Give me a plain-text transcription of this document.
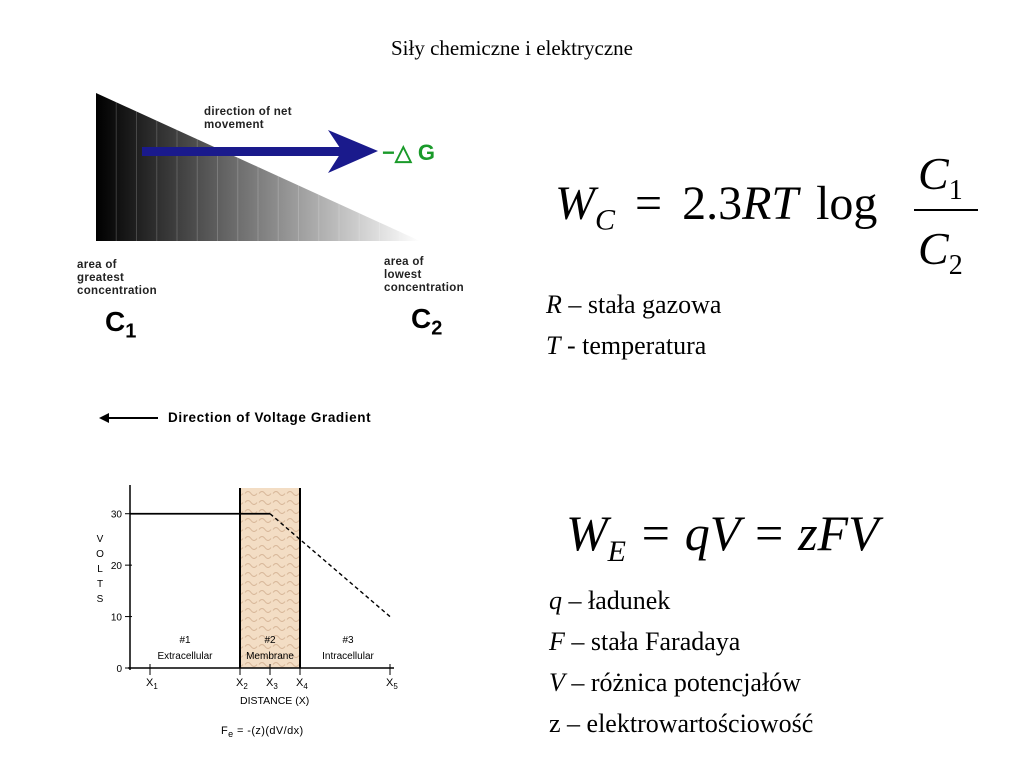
Siły chemiczne i elektryczne
direction of net
movement
−△ G
area of
greatest
concentration
area of
lowest
concentration
$C_1$	$C_2$
$W_C = 2.3RT$ log
$C_1$
$C_2$
R – stała gazowa
T - temperatura
Direction of Voltage Gradient
0
10
20
30
$X_1$	$X_2$ $X_3$ $X_4$	$X_5$
#1
Extracellular
#2
Membrane
#3
Intracellular
V
O
L
T
S
DISTANCE (X)
$F_e = -(z)(dV/dx)$
$W_E$ = qV = zFV
q – ładunek
F – stała Faradaya
V – różnica potencjałów
z – elektrowartościowość
